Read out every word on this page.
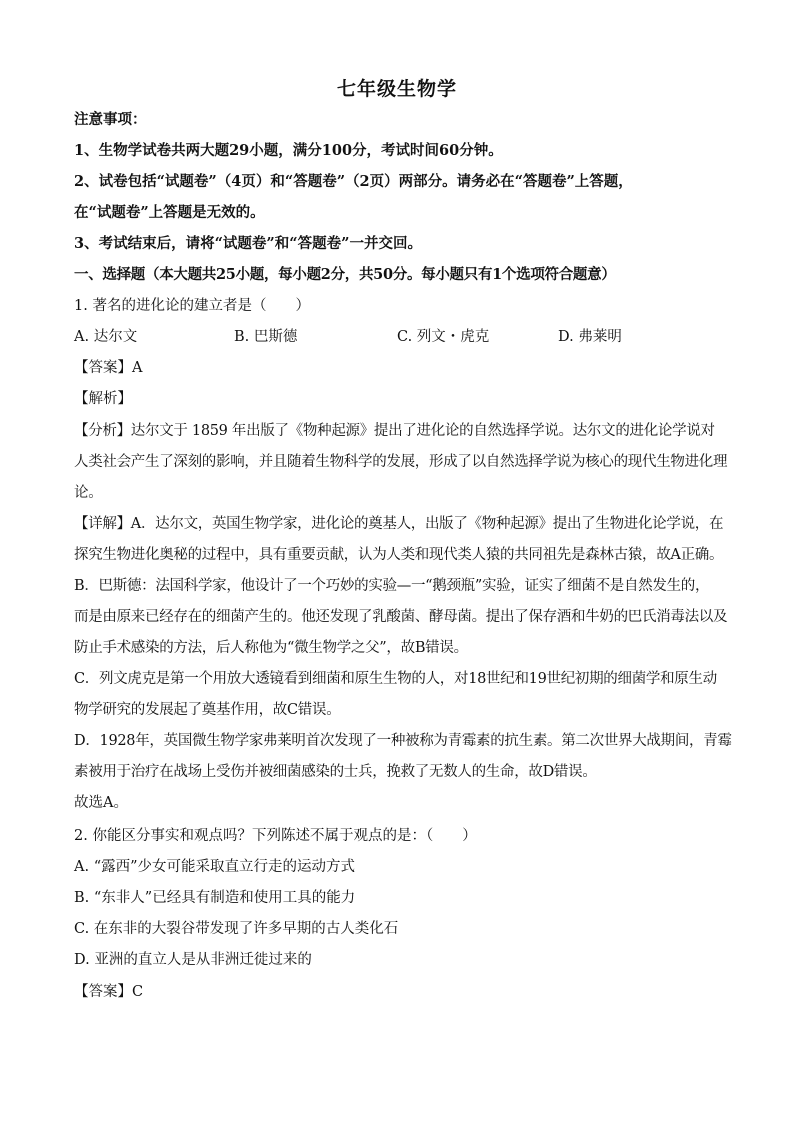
七年级生物学
注意事项：
1、生物学试卷共两大题29小题，满分100分，考试时间60分钟。
2、试卷包括“试题卷”（4页）和“答题卷”（2页）两部分。请务必在“答题卷”上答题，
在“试题卷”上答题是无效的。
3、考试结束后，请将“试题卷”和“答题卷”一并交回。
一、选择题（本大题共25小题，每小题2分，共50分。每小题只有1个选项符合题意）
1. 著名的进化论的建立者是（　　）
A. 达尔文	B. 巴斯德	C. 列文・虎克	D. 弗莱明
【答案】A
【解析】
【分析】达尔文于 1859 年出版了《物种起源》提出了进化论的自然选择学说。达尔文的进化论学说对
人类社会产生了深刻的影响，并且随着生物科学的发展，形成了以自然选择学说为核心的现代生物进化理
论。
【详解】A．达尔文，英国生物学家，进化论的奠基人，出版了《物种起源》提出了生物进化论学说，在
探究生物进化奥秘的过程中，具有重要贡献，认为人类和现代类人猿的共同祖先是森林古猿，故A正确。
B．巴斯德：法国科学家，他设计了一个巧妙的实验—一“鹅颈瓶”实验，证实了细菌不是自然发生的，
而是由原来已经存在的细菌产生的。他还发现了乳酸菌、酵母菌。提出了保存酒和牛奶的巴氏消毒法以及
防止手术感染的方法，后人称他为“微生物学之父”，故B错误。
C．列文虎克是第一个用放大透镜看到细菌和原生生物的人，对18世纪和19世纪初期的细菌学和原生动
物学研究的发展起了奠基作用，故C错误。
D．1928年，英国微生物学家弗莱明首次发现了一种被称为青霉素的抗生素。第二次世界大战期间，青霉
素被用于治疗在战场上受伤并被细菌感染的士兵，挽救了无数人的生命，故D错误。
故选A。
2. 你能区分事实和观点吗？下列陈述不属于观点的是：（　　）
A. “露西”少女可能采取直立行走的运动方式
B. “东非人”已经具有制造和使用工具的能力
C. 在东非的大裂谷带发现了许多早期的古人类化石
D. 亚洲的直立人是从非洲迁徙过来的
【答案】C
